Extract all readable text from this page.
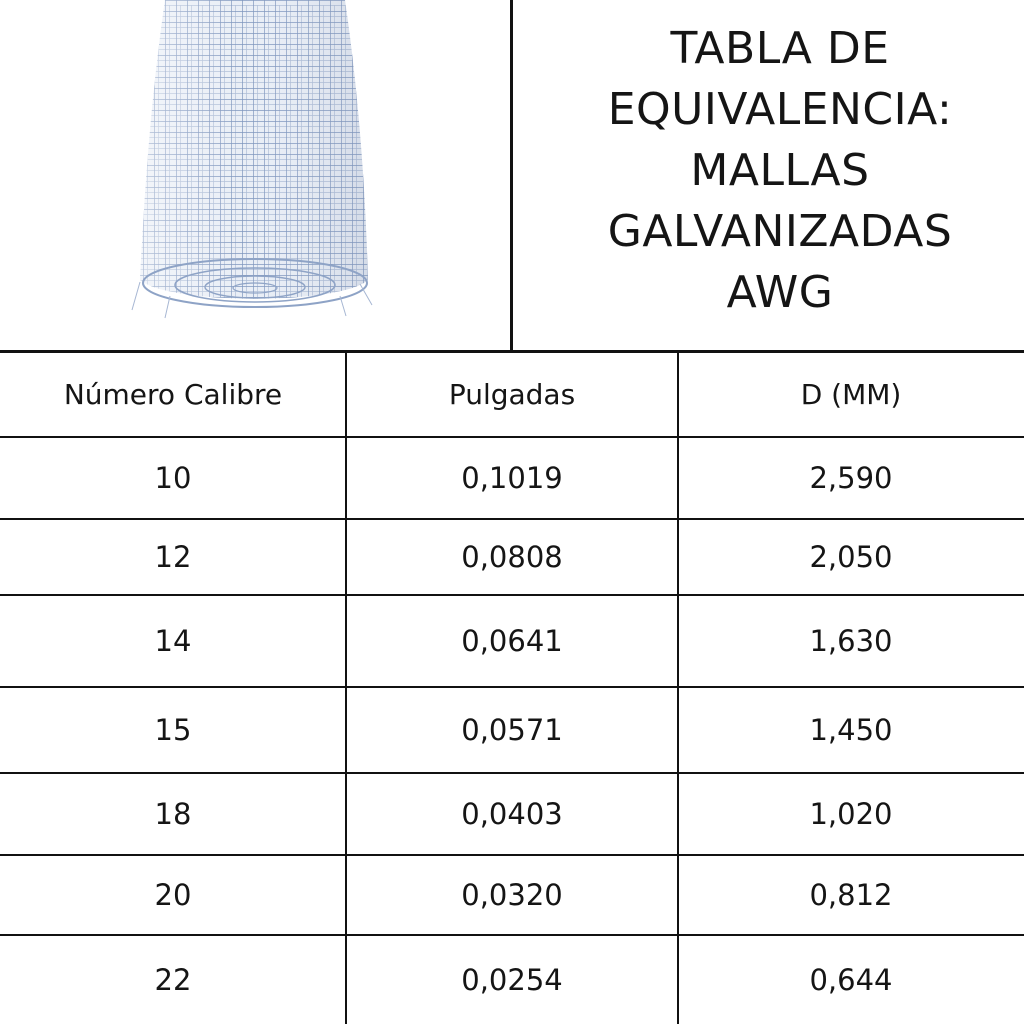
TABLA DE
EQUIVALENCIA:
MALLAS
GALVANIZADAS
AWG
Número Calibre	Pulgadas	D (MM)
10	0,1019	2,590
12	0,0808	2,050
14	0,0641	1,630
15	0,0571	1,450
18	0,0403	1,020
20	0,0320	0,812
22	0,0254	0,644
